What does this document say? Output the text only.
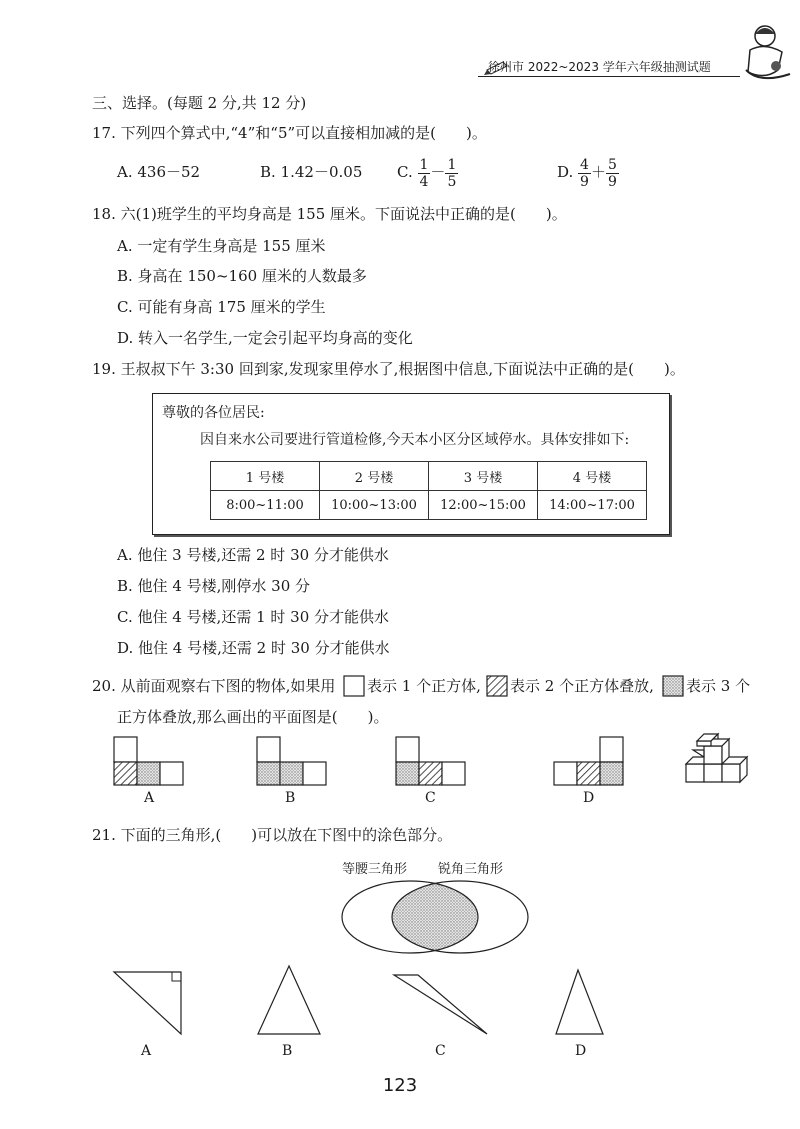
徐州市 2022~2023 学年六年级抽测试题
三、选择。(每题 2 分,共 12 分)
17. 下列四个算式中,“4”和“5”可以直接相加减的是(　　)。
A. 436－52	B. 1.42－0.05 C. $\frac{1}{4} - \frac{1}{5}$	D. $\frac{4}{9} + \frac{5}{9}$
18. 六(1)班学生的平均身高是 155 厘米。下面说法中正确的是(　　)。
A. 一定有学生身高是 155 厘米
B. 身高在 150~160 厘米的人数最多
C. 可能有身高 175 厘米的学生
D. 转入一名学生,一定会引起平均身高的变化
19. 王叔叔下午 3:30 回到家,发现家里停水了,根据图中信息,下面说法中正确的是(　　)。
尊敬的各位居民:
因自来水公司要进行管道检修,今天本小区分区域停水。具体安排如下:
1 号楼	2 号楼	3 号楼	4 号楼
8:00~11:00	10:00~13:00	12:00~15:00	14:00~17:00
A. 他住 3 号楼,还需 2 时 30 分才能供水
B. 他住 4 号楼,刚停水 30 分
C. 他住 4 号楼,还需 1 时 30 分才能供水
D. 他住 4 号楼,还需 2 时 30 分才能供水
20. 从前面观察右下图的物体,如果用 表示 1 个正方体, 表示 2 个正方体叠放, 表示 3 个
正方体叠放,那么画出的平面图是(　　)。
A	B	C	D
21. 下面的三角形,(　　)可以放在下图中的涂色部分。
等腰三角形 锐角三角形
A	B	C	D
123
